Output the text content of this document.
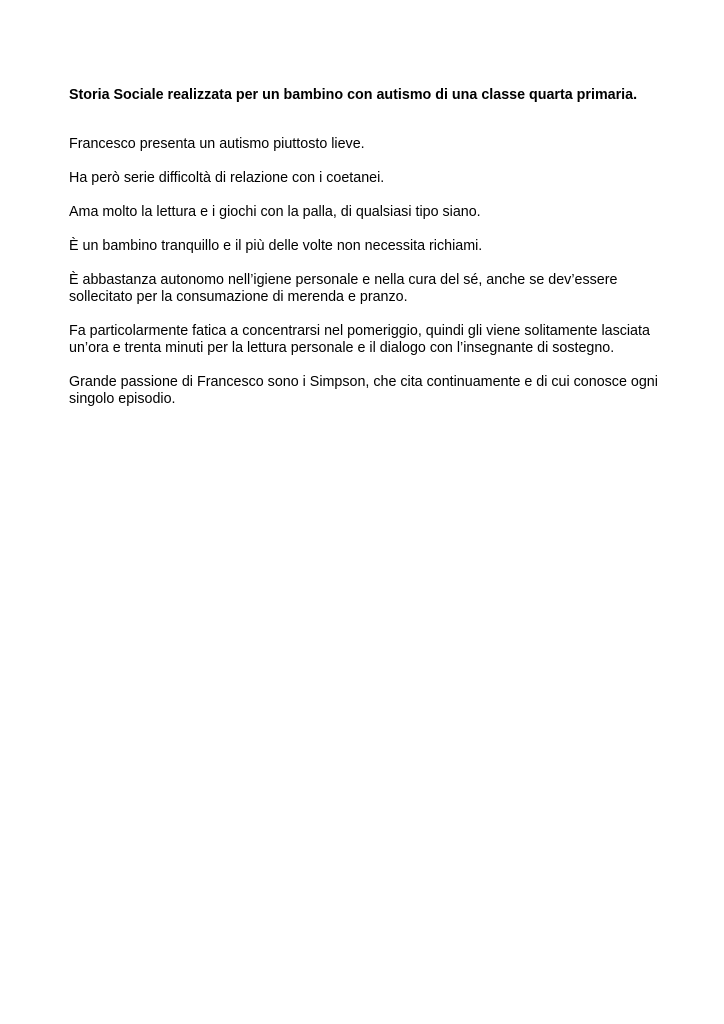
Storia Sociale realizzata per un bambino con autismo di una classe quarta primaria.

Francesco presenta un autismo piuttosto lieve.

Ha però serie difficoltà di relazione con i coetanei.

Ama molto la lettura e i giochi con la palla, di qualsiasi tipo siano.

È un bambino tranquillo e il più delle volte non necessita richiami.

È abbastanza autonomo nell’igiene personale e nella cura del sé, anche se dev’essere sollecitato per la consumazione di merenda e pranzo.

Fa particolarmente fatica a concentrarsi nel pomeriggio, quindi gli viene solitamente lasciata un’ora e trenta minuti per la lettura personale e il dialogo con l’insegnante di sostegno.

Grande passione di Francesco sono i Simpson, che cita continuamente e di cui conosce ogni singolo episodio.
